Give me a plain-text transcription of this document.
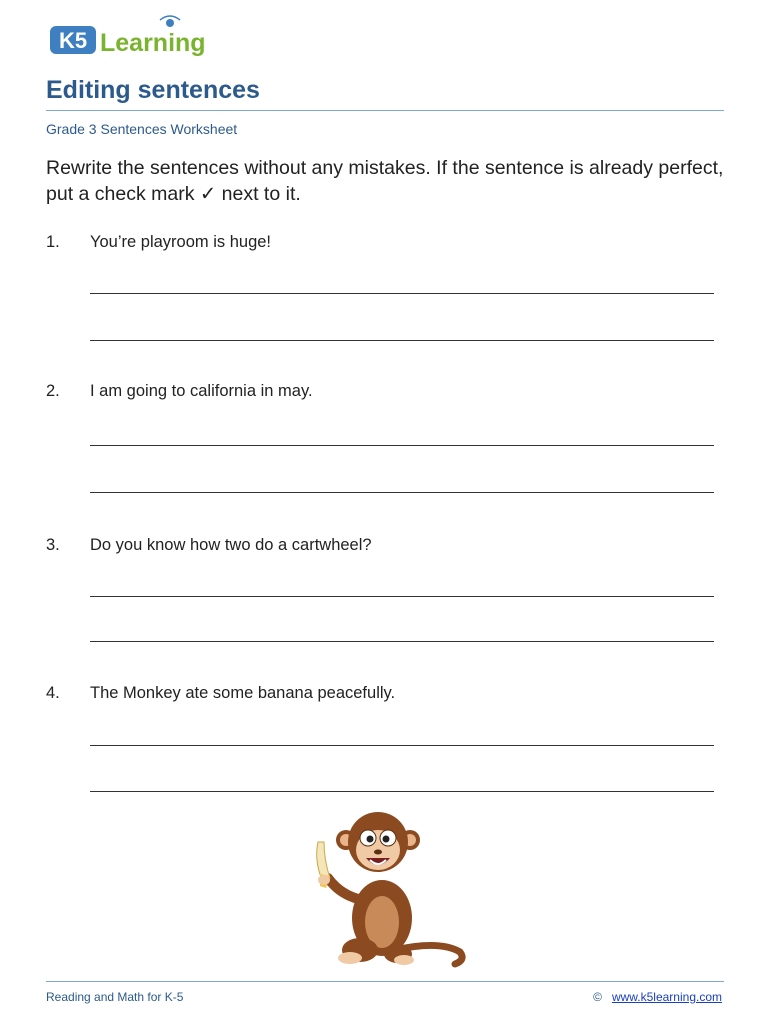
K5 Learning
Editing sentences
Grade 3 Sentences Worksheet
Rewrite the sentences without any mistakes. If the sentence is already perfect, put a check mark ✓ next to it.
1. You’re playroom is huge!
2. I am going to california in may.
3. Do you know how two do a cartwheel?
4. The Monkey ate some banana peacefully.
Reading and Math for K-5	© www.k5learning.com
